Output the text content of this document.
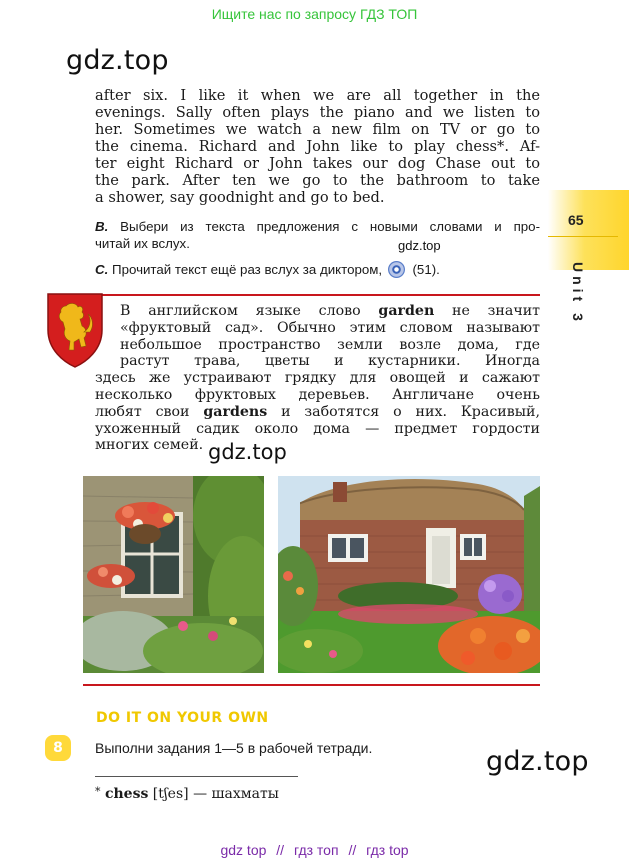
Ищите нас по запросу ГДЗ ТОП
gdz.top
after six. I like it when we are all together in the
evenings. Sally often plays the piano and we listen to
her. Sometimes we watch a new film on TV or go to
the cinema. Richard and John like to play chess*. Af-
ter eight Richard or John takes our dog Chase out to
the park. After ten we go to the bathroom to take
a shower, say goodnight and go to bed.
B. Выбери из текста предложения с новыми словами и про-
читай их вслух.	gdz.top
C. Прочитай текст ещё раз вслух за диктором, (51).
65
Unit 3
В английском языке слово garden не значит
«фруктовый сад». Обычно этим словом называют
небольшое пространство земли возле дома, где
растут трава, цветы и кустарники. Иногда
здесь же устраивают грядку для овощей и сажают
несколько фруктовых деревьев. Англичане очень
любят свои gardens и заботятся о них. Красивый,
ухоженный садик около дома — предмет гордости
многих семей. gdz.top
DO IT ON YOUR OWN
8	Выполни задания 1—5 в рабочей тетради.	gdz.top
* chess [tʃes] — шахматы
gdz top // гдз топ // гдз top
